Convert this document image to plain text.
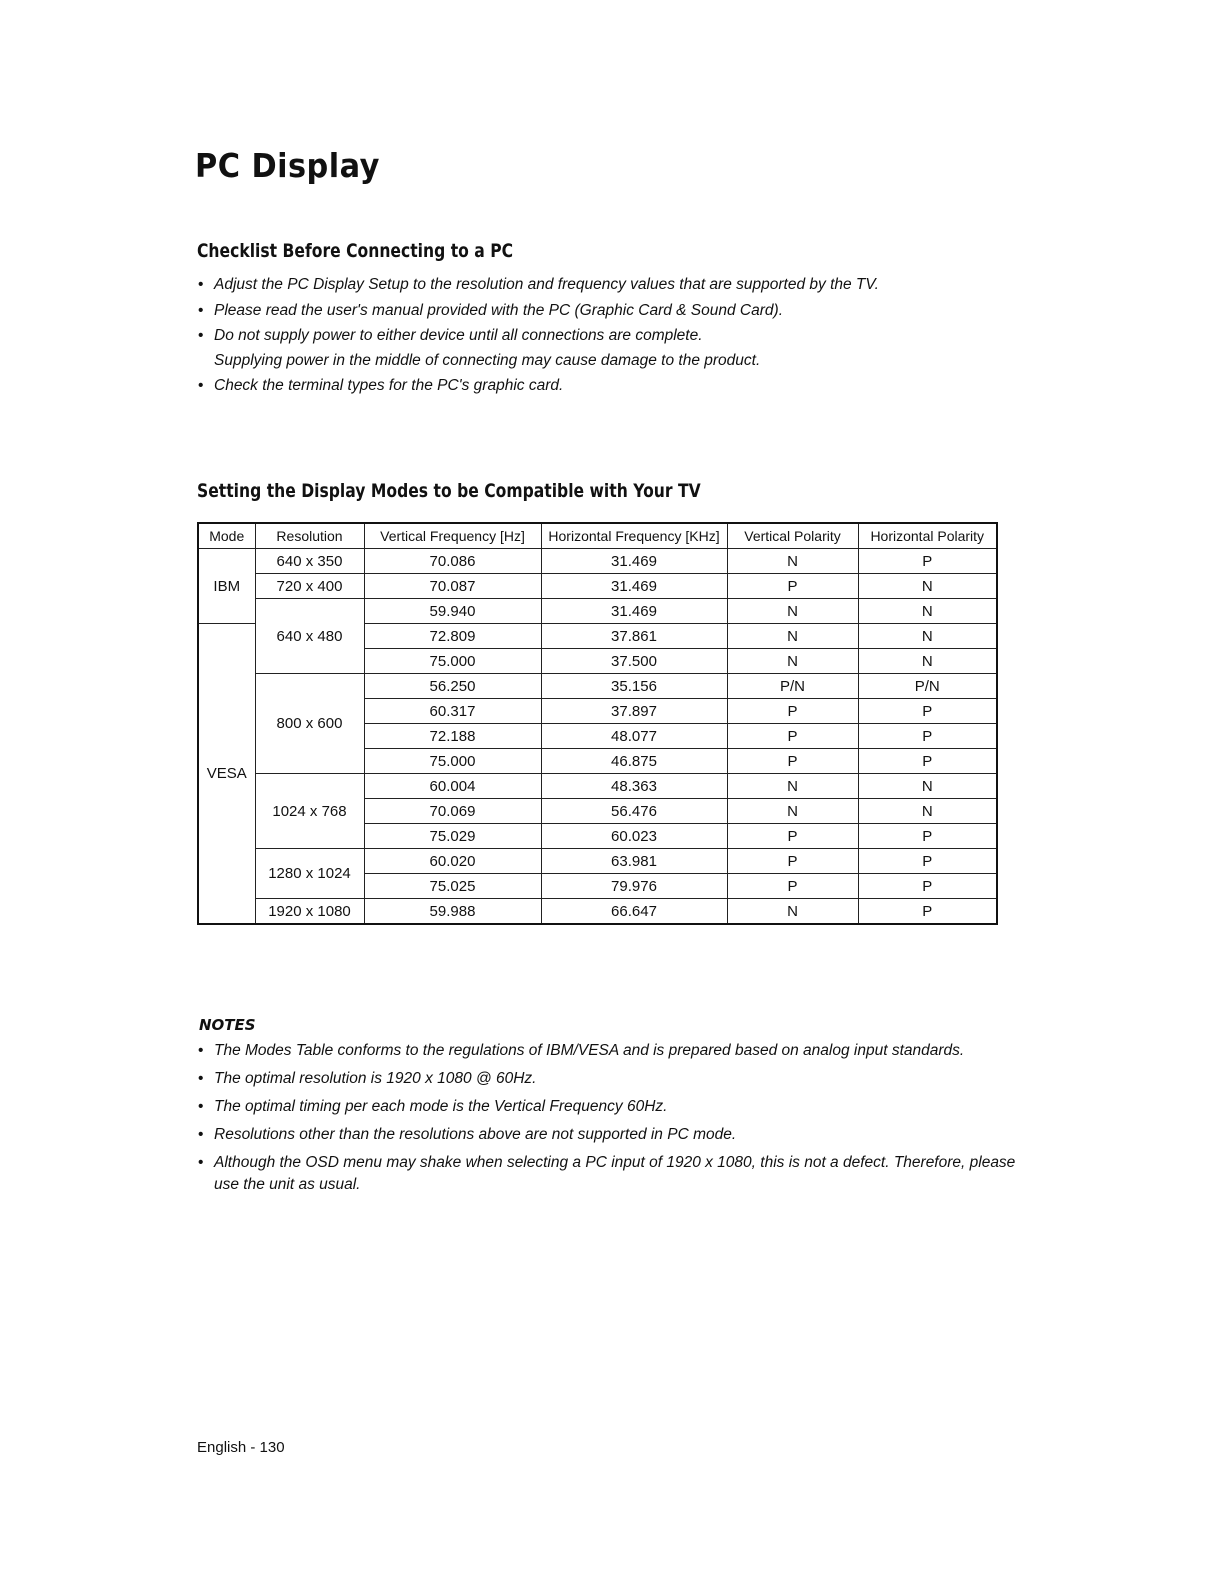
PC Display
Checklist Before Connecting to a PC
• Adjust the PC Display Setup to the resolution and frequency values that are supported by the TV.
• Please read the user's manual provided with the PC (Graphic Card & Sound Card).
• Do not supply power to either device until all connections are complete.
Supplying power in the middle of connecting may cause damage to the product.
• Check the terminal types for the PC's graphic card.
Setting the Display Modes to be Compatible with Your TV
Mode	Resolution	Vertical Frequency [Hz]	Horizontal Frequency [KHz]	Vertical Polarity	Horizontal Polarity
IBM	640 x 350	70.086	31.469	N	P
	720 x 400	70.087	31.469	P	N
	640 x 480	59.940	31.469	N	N
VESA		72.809	37.861	N	N
		75.000	37.500	N	N
	800 x 600	56.250	35.156	P/N	P/N
		60.317	37.897	P	P
		72.188	48.077	P	P
		75.000	46.875	P	P
	1024 x 768	60.004	48.363	N	N
		70.069	56.476	N	N
		75.029	60.023	P	P
	1280 x 1024	60.020	63.981	P	P
		75.025	79.976	P	P
	1920 x 1080	59.988	66.647	N	P
NOTES
• The Modes Table conforms to the regulations of IBM/VESA and is prepared based on analog input standards.
• The optimal resolution is 1920 x 1080 @ 60Hz.
• The optimal timing per each mode is the Vertical Frequency 60Hz.
• Resolutions other than the resolutions above are not supported in PC mode.
• Although the OSD menu may shake when selecting a PC input of 1920 x 1080, this is not a defect. Therefore, please use the unit as usual.
English - 130
